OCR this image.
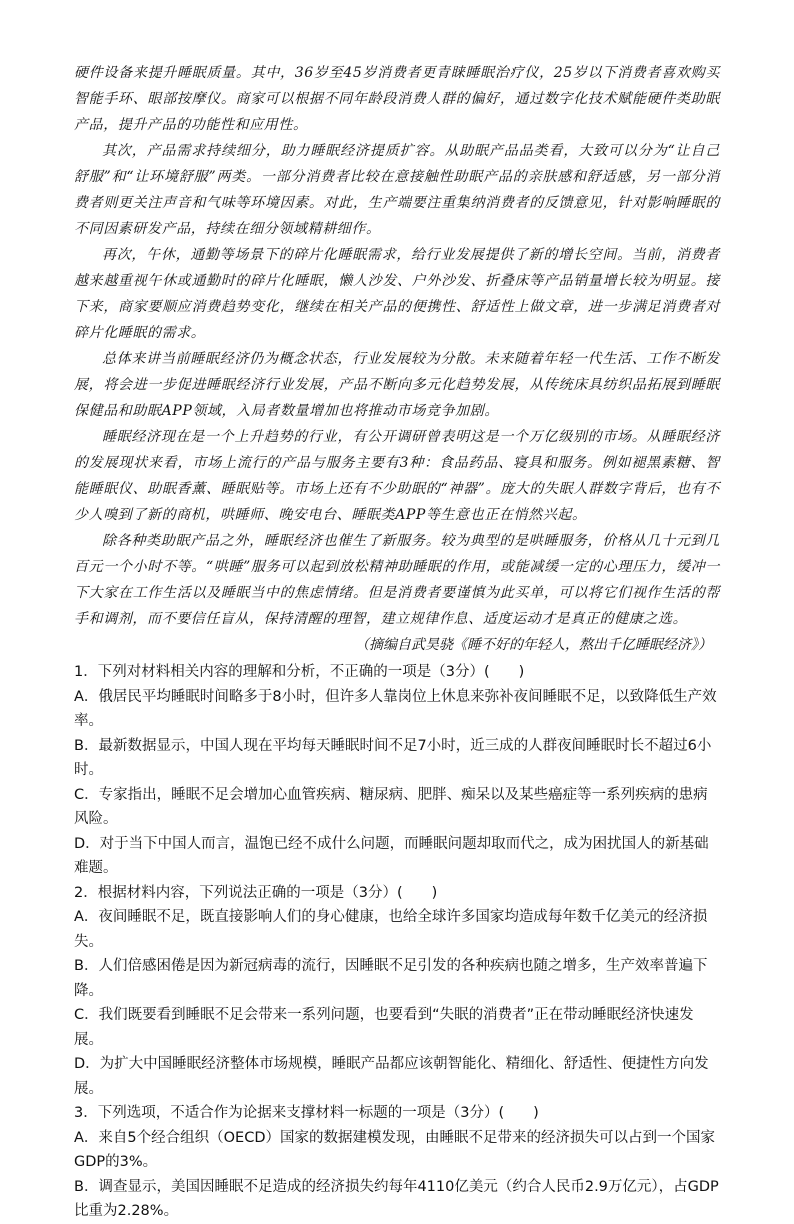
硬件设备来提升睡眠质量。其中，36岁至45岁消费者更青睐睡眠治疗仪，25岁以下消费者喜欢购买智能手环、眼部按摩仪。商家可以根据不同年龄段消费人群的偏好，通过数字化技术赋能硬件类助眠产品，提升产品的功能性和应用性。

其次，产品需求持续细分，助力睡眠经济提质扩容。从助眠产品品类看，大致可以分为“让自己舒服”和“让环境舒服”两类。一部分消费者比较在意接触性助眠产品的亲肤感和舒适感，另一部分消费者则更关注声音和气味等环境因素。对此，生产端要注重集纳消费者的反馈意见，针对影响睡眠的不同因素研发产品，持续在细分领域精耕细作。

再次，午休，通勤等场景下的碎片化睡眠需求，给行业发展提供了新的增长空间。当前，消费者越来越重视午休或通勤时的碎片化睡眠，懒人沙发、户外沙发、折叠床等产品销量增长较为明显。接下来，商家要顺应消费趋势变化，继续在相关产品的便携性、舒适性上做文章，进一步满足消费者对碎片化睡眠的需求。

总体来讲当前睡眠经济仍为概念状态，行业发展较为分散。未来随着年轻一代生活、工作不断发展，将会进一步促进睡眠经济行业发展，产品不断向多元化趋势发展，从传统床具纺织品拓展到睡眠保健品和助眠APP领域，入局者数量增加也将推动市场竞争加剧。

睡眠经济现在是一个上升趋势的行业，有公开调研曾表明这是一个万亿级别的市场。从睡眠经济的发展现状来看，市场上流行的产品与服务主要有3种：食品药品、寝具和服务。例如褪黑素糖、智能睡眠仪、助眠香薰、睡眠贴等。市场上还有不少助眠的“神器”。庞大的失眠人群数字背后，也有不少人嗅到了新的商机，哄睡师、晚安电台、睡眠类APP等生意也正在悄然兴起。

除各种类助眠产品之外，睡眠经济也催生了新服务。较为典型的是哄睡服务，价格从几十元到几百元一个小时不等。“哄睡”服务可以起到放松精神助睡眠的作用，或能减缓一定的心理压力，缓冲一下大家在工作生活以及睡眠当中的焦虑情绪。但是消费者要谨慎为此买单，可以将它们视作生活的帮手和调剂，而不要信任盲从，保持清醒的理智，建立规律作息、适度运动才是真正的健康之选。

（摘编自武昊骁《睡不好的年轻人，熬出千亿睡眠经济》）

1．下列对材料相关内容的理解和分析，不正确的一项是（3分）(　　)

A．俄居民平均睡眠时间略多于8小时，但许多人靠岗位上休息来弥补夜间睡眠不足，以致降低生产效率。

B．最新数据显示，中国人现在平均每天睡眠时间不足7小时，近三成的人群夜间睡眠时长不超过6小时。

C．专家指出，睡眠不足会增加心血管疾病、糖尿病、肥胖、痴呆以及某些癌症等一系列疾病的患病风险。

D．对于当下中国人而言，温饱已经不成什么问题，而睡眠问题却取而代之，成为困扰国人的新基础难题。

2．根据材料内容，下列说法正确的一项是（3分）(　　)

A．夜间睡眠不足，既直接影响人们的身心健康，也给全球许多国家均造成每年数千亿美元的经济损失。

B．人们倍感困倦是因为新冠病毒的流行，因睡眠不足引发的各种疾病也随之增多，生产效率普遍下降。

C．我们既要看到睡眠不足会带来一系列问题，也要看到“失眠的消费者”正在带动睡眠经济快速发展。

D．为扩大中国睡眠经济整体市场规模，睡眠产品都应该朝智能化、精细化、舒适性、便捷性方向发展。

3．下列选项，不适合作为论据来支撑材料一标题的一项是（3分）(　　)

A．来自5个经合组织（OECD）国家的数据建模发现，由睡眠不足带来的经济损失可以占到一个国家GDP的3%。

B．调查显示，美国因睡眠不足造成的经济损失约每年4110亿美元（约合人民币2.9万亿元），占GDP比重为2.28%。
